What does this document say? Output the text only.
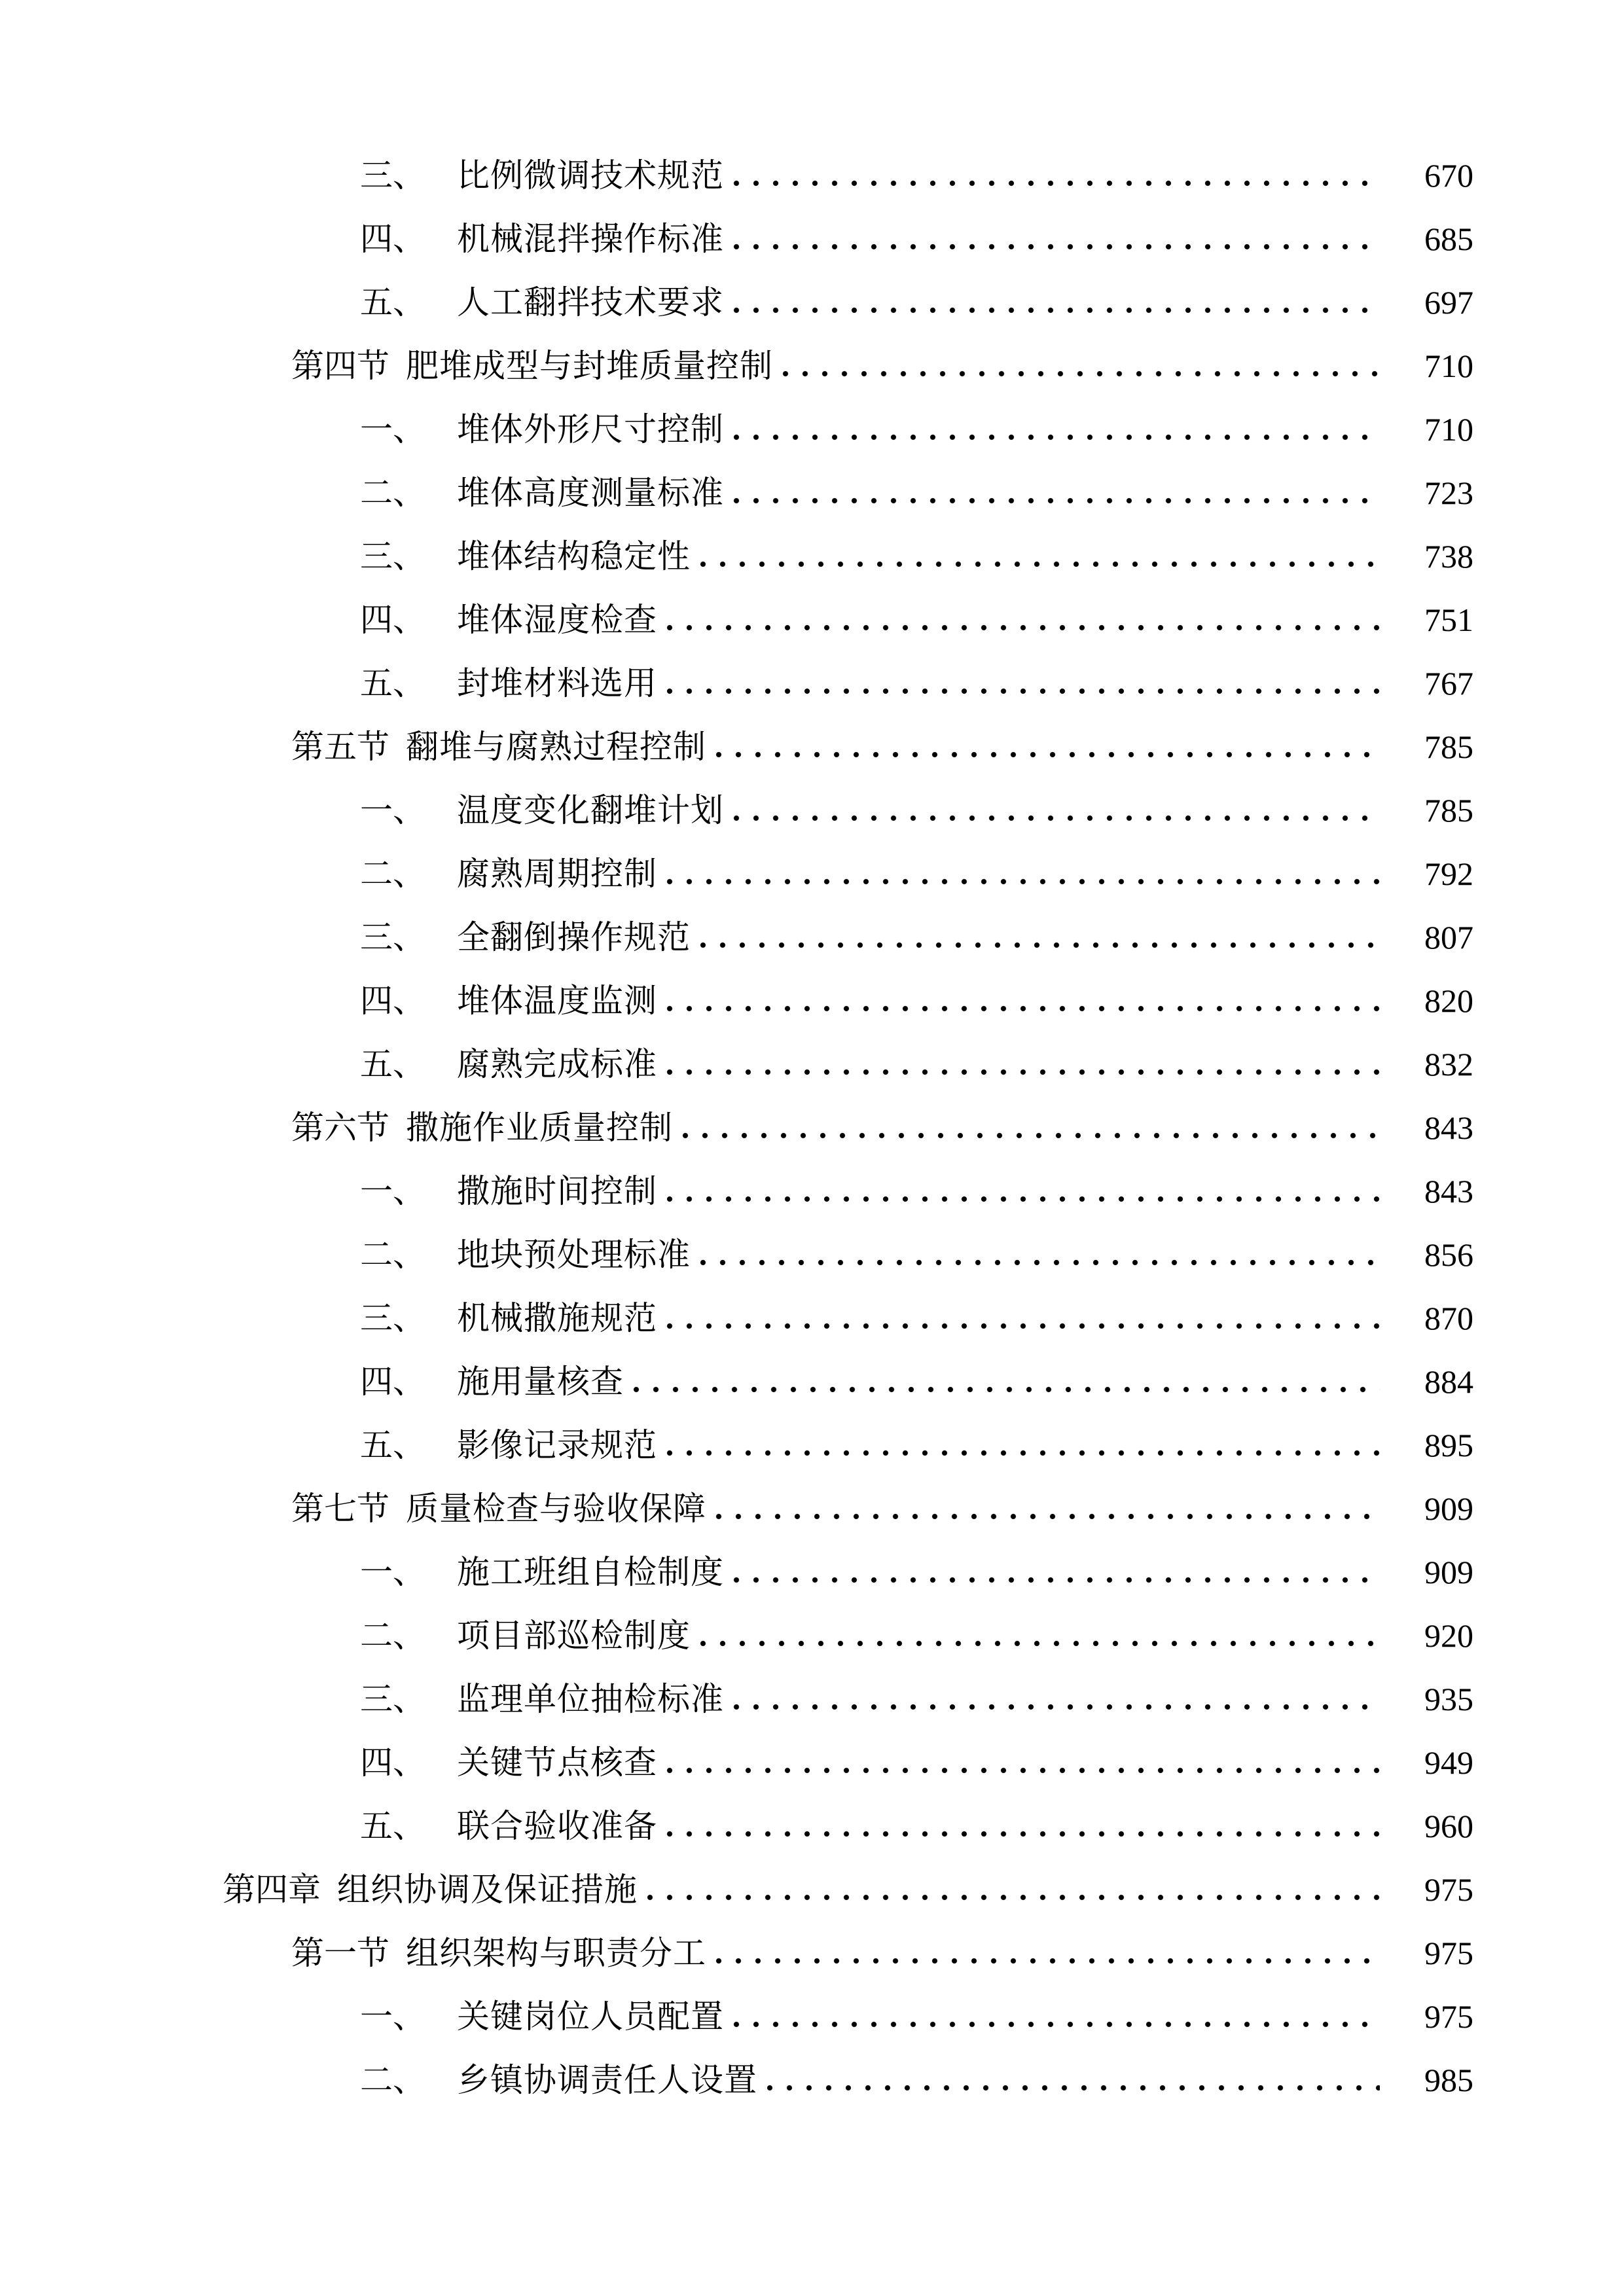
三、 比例微调技术规范	670
四、 机械混拌操作标准	685
五、 人工翻拌技术要求	697
第四节 肥堆成型与封堆质量控制	710
一、 堆体外形尺寸控制	710
二、 堆体高度测量标准	723
三、 堆体结构稳定性	738
四、 堆体湿度检查	751
五、 封堆材料选用	767
第五节 翻堆与腐熟过程控制	785
一、 温度变化翻堆计划	785
二、 腐熟周期控制	792
三、 全翻倒操作规范	807
四、 堆体温度监测	820
五、 腐熟完成标准	832
第六节 撒施作业质量控制	843
一、 撒施时间控制	843
二、 地块预处理标准	856
三、 机械撒施规范	870
四、 施用量核查	884
五、 影像记录规范	895
第七节 质量检查与验收保障	909
一、 施工班组自检制度	909
二、 项目部巡检制度	920
三、 监理单位抽检标准	935
四、 关键节点核查	949
五、 联合验收准备	960
第四章 组织协调及保证措施	975
第一节 组织架构与职责分工	975
一、 关键岗位人员配置	975
二、 乡镇协调责任人设置	985
